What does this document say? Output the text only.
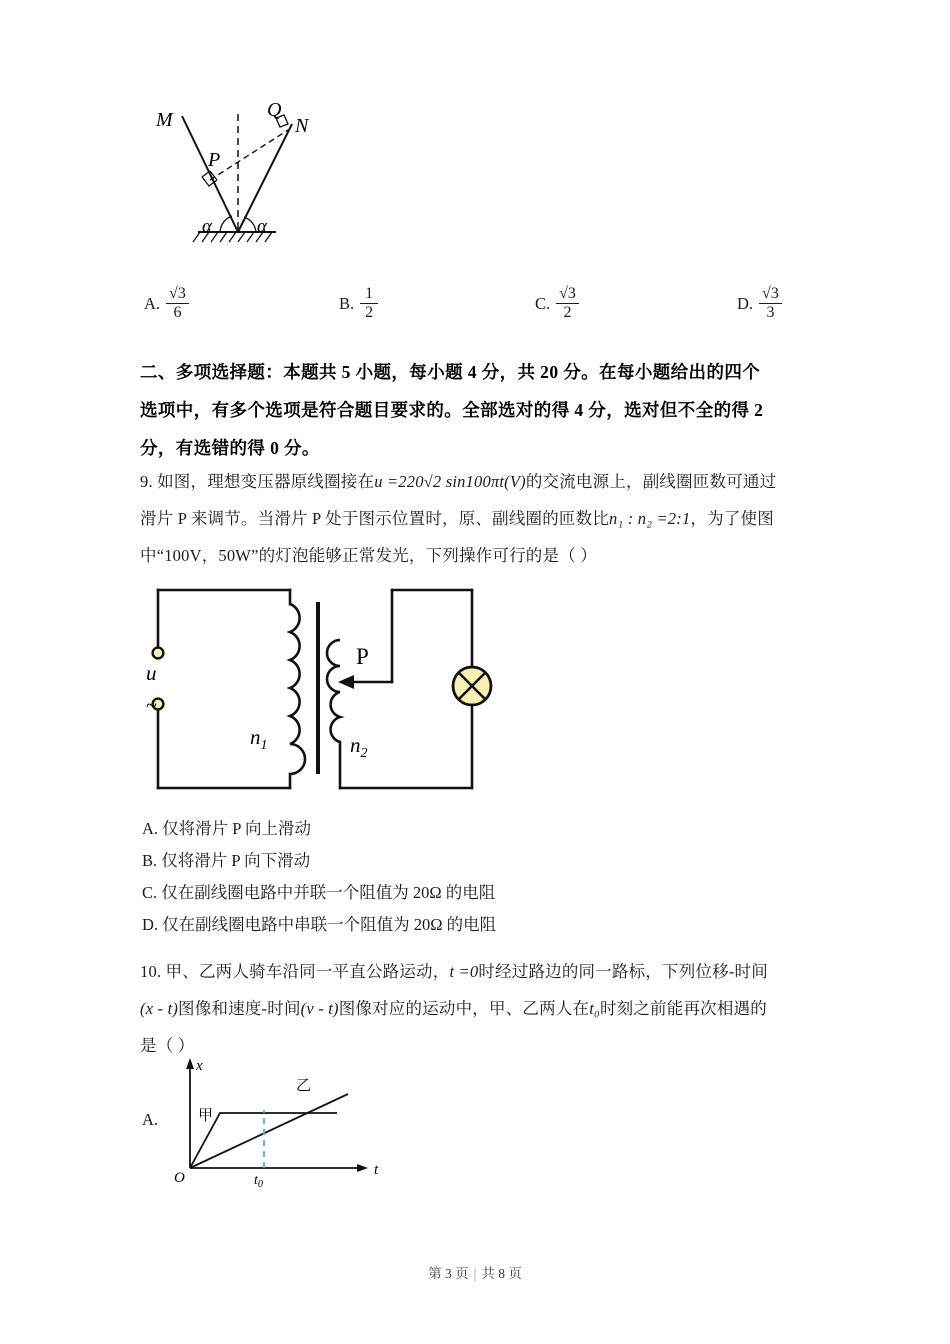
M	N
Q
P
α α
A. $\frac{√3}{6}$	B. $\frac{1}{2}$	C. $\frac{√3}{2}$	D. $\frac{√3}{3}$
二、多项选择题：本题共 5 小题，每小题 4 分，共 20 分。在每小题给出的四个
选项中，有多个选项是符合题目要求的。全部选对的得 4 分，选对但不全的得 2
分，有选错的得 0 分。
9. 如图，理想变压器原线圈接在u =220√2 sin100πt(V)的交流电源上，副线圈匝数可通过
滑片 P 来调节。当滑片 P 处于图示位置时，原、副线圈的匝数比n₁ : n₂ =2:1，为了使图
中“100V，50W”的灯泡能够正常发光，下列操作可行的是（ ）
u
~
$n_1$	$n_2$
P
A. 仅将滑片 P 向上滑动
B. 仅将滑片 P 向下滑动
C. 仅在副线圈电路中并联一个阻值为 20Ω 的电阻
D. 仅在副线圈电路中串联一个阻值为 20Ω 的电阻
10. 甲、乙两人骑车沿同一平直公路运动，t =0时经过路边的同一路标，下列位移-时间
(x - t)图像和速度-时间(v - t)图像对应的运动中，甲、乙两人在t₀时刻之前能再次相遇的
是（ ）
A.
x
t
O	$t_0$
甲
乙
第 3 页 | 共 8 页
